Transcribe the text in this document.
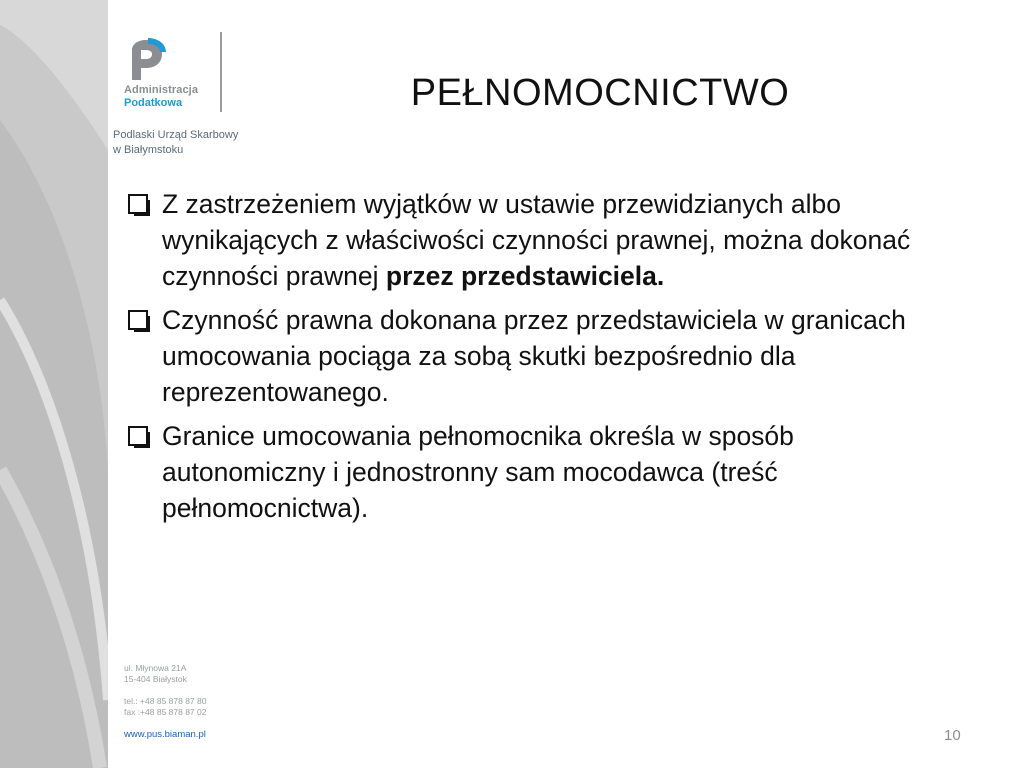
Administracja
Podatkowa
Podlaski Urząd Skarbowy
w Białymstoku
PEŁNOMOCNICTWO
Z zastrzeżeniem wyjątków w ustawie przewidzianych albo wynikających z właściwości czynności prawnej, można dokonać czynności prawnej przez przedstawiciela.
Czynność prawna dokonana przez przedstawiciela w granicach umocowania pociąga za sobą skutki bezpośrednio dla reprezentowanego.
Granice umocowania pełnomocnika określa w sposób autonomiczny i jednostronny sam mocodawca (treść pełnomocnictwa).
ul. Młynowa 21A
15-404 Białystok
tel.: +48 85 878 87 80
fax :+48 85 878 87 02
www.pus.biaman.pl	10
